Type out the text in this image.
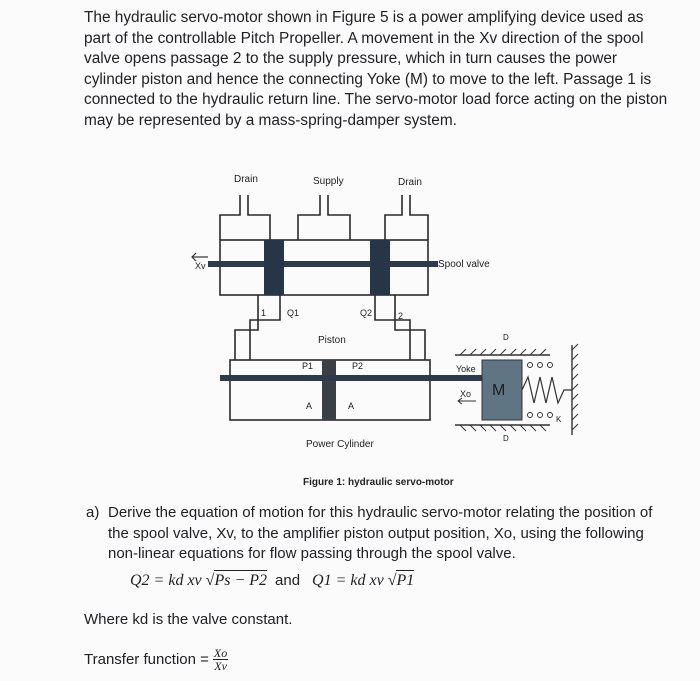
The hydraulic servo-motor shown in Figure 5 is a power amplifying device used as part of the controllable Pitch Propeller. A movement in the Xv direction of the spool valve opens passage 2 to the supply pressure, which in turn causes the power cylinder piston and hence the connecting Yoke (M) to move to the left. Passage 1 is connected to the hydraulic return line. The servo-motor load force acting on the piston may be represented by a mass-spring-damper system.

Drain	Supply	Drain
Xv	Spool valve
1 Q1	Q2	2
Piston
P1	P2
A	A
Yoke
Xo M
D
D
K
Power Cylinder
Figure 1: hydraulic servo-motor
a) Derive the equation of motion for this hydraulic servo-motor relating the position of the spool valve, Xv, to the amplifier piston output position, Xo, using the following non-linear equations for flow passing through the spool valve.
Q2 = kd xv √Ps − P2 and Q1 = kd xv √P1
Where kd is the valve constant.
Transfer function = $\frac{Xo}{Xv}$
